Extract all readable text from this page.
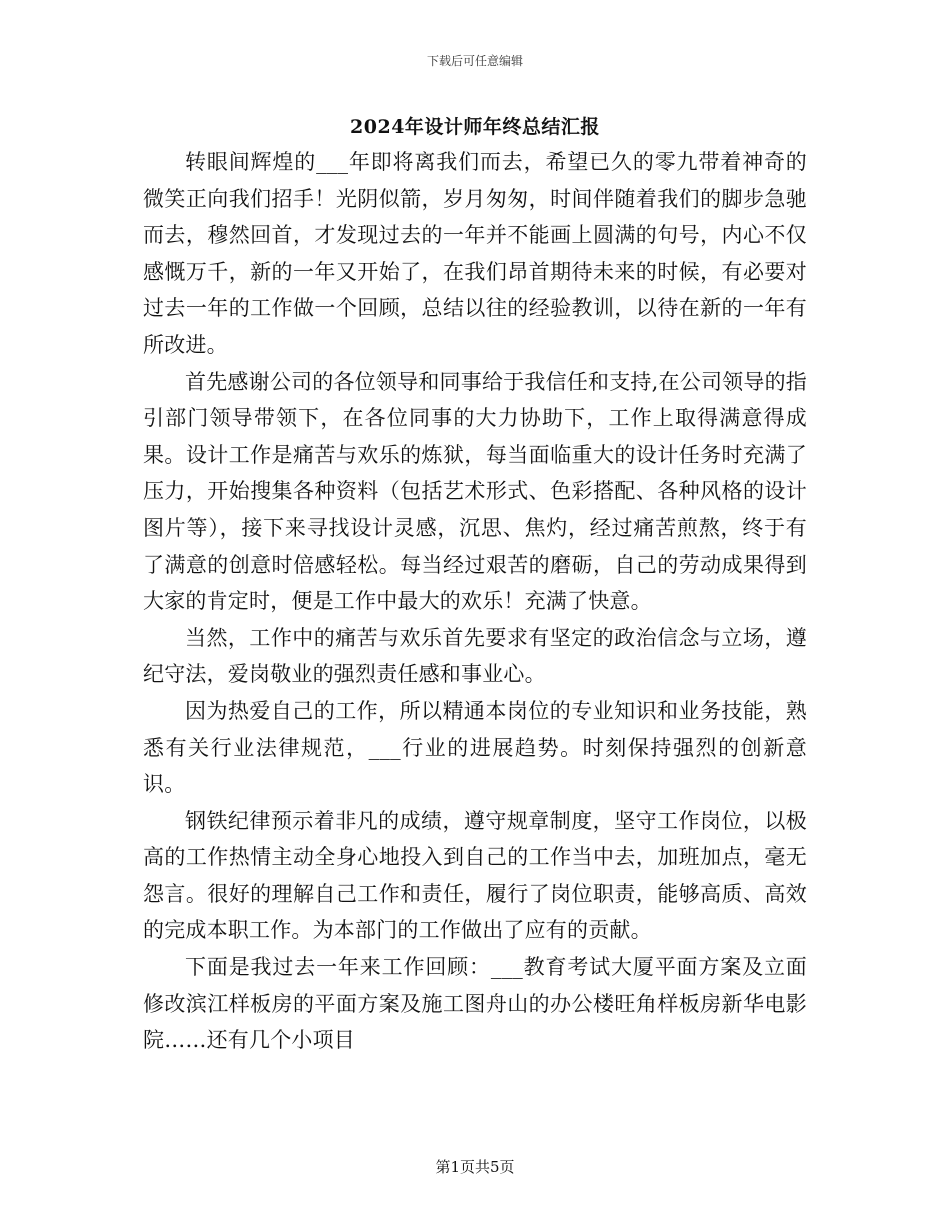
下载后可任意编辑
2024年设计师年终总结汇报

转眼间辉煌的___年即将离我们而去，希望已久的零九带着神奇的微笑正向我们招手！光阴似箭，岁月匆匆，时间伴随着我们的脚步急驰而去，穆然回首，才发现过去的一年并不能画上圆满的句号，内心不仅感慨万千，新的一年又开始了，在我们昂首期待未来的时候，有必要对过去一年的工作做一个回顾，总结以往的经验教训，以待在新的一年有所改进。

首先感谢公司的各位领导和同事给于我信任和支持,在公司领导的指引部门领导带领下，在各位同事的大力协助下，工作上取得满意得成果。设计工作是痛苦与欢乐的炼狱，每当面临重大的设计任务时充满了压力，开始搜集各种资料（包括艺术形式、色彩搭配、各种风格的设计图片等），接下来寻找设计灵感，沉思、焦灼，经过痛苦煎熬，终于有了满意的创意时倍感轻松。每当经过艰苦的磨砺，自己的劳动成果得到大家的肯定时，便是工作中最大的欢乐！充满了快意。

当然，工作中的痛苦与欢乐首先要求有坚定的政治信念与立场，遵纪守法，爱岗敬业的强烈责任感和事业心。

因为热爱自己的工作，所以精通本岗位的专业知识和业务技能，熟悉有关行业法律规范，___行业的进展趋势。时刻保持强烈的创新意识。

钢铁纪律预示着非凡的成绩，遵守规章制度，坚守工作岗位，以极高的工作热情主动全身心地投入到自己的工作当中去，加班加点，毫无怨言。很好的理解自己工作和责任，履行了岗位职责，能够高质、高效的完成本职工作。为本部门的工作做出了应有的贡献。

下面是我过去一年来工作回顾：___教育考试大厦平面方案及立面修改滨江样板房的平面方案及施工图舟山的办公楼旺角样板房新华电影院……还有几个小项目

第1页共5页
